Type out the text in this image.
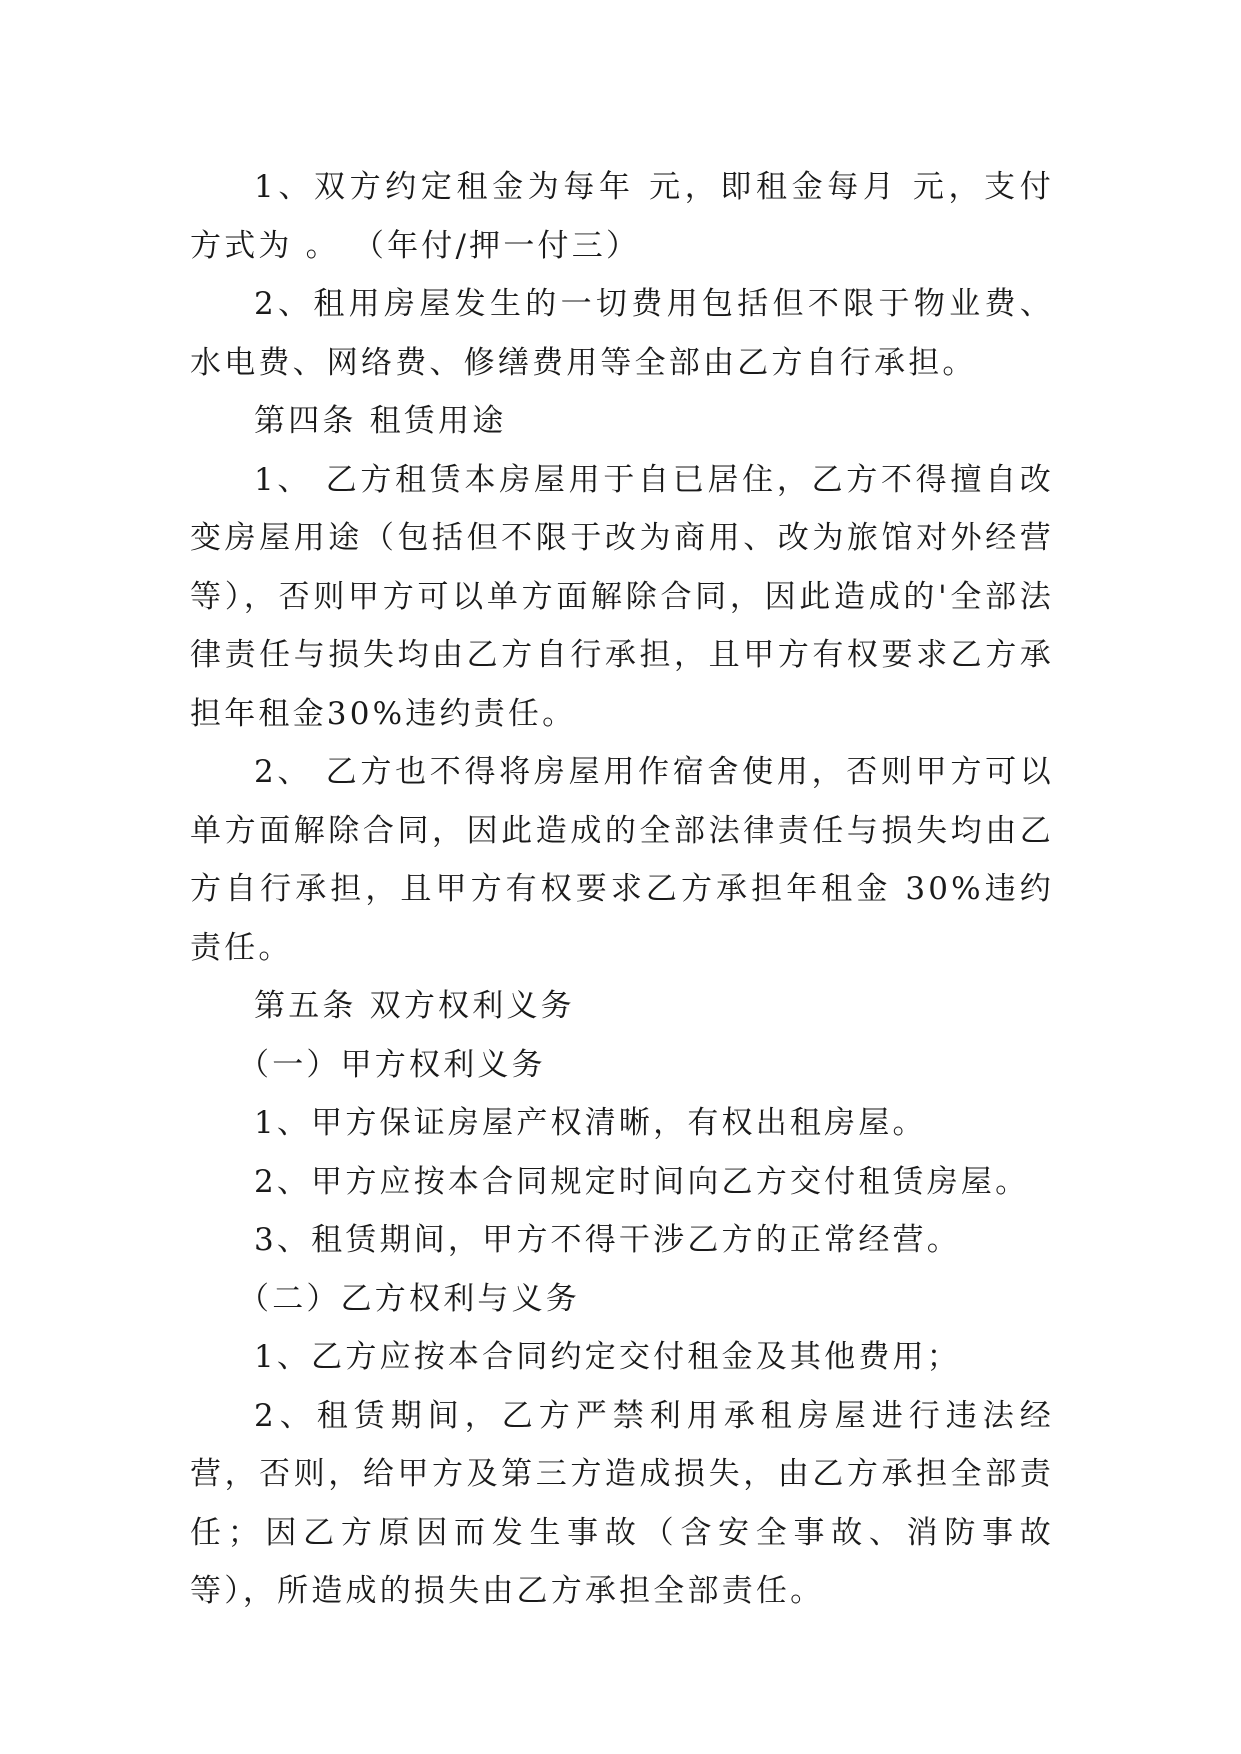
1、双方约定租金为每年 元，即租金每月 元，支付方式为 。 （年付/押一付三）

2、租用房屋发生的一切费用包括但不限于物业费、水电费、网络费、修缮费用等全部由乙方自行承担。

第四条 租赁用途

1、 乙方租赁本房屋用于自已居住，乙方不得擅自改变房屋用途（包括但不限于改为商用、改为旅馆对外经营等），否则甲方可以单方面解除合同，因此造成的'全部法律责任与损失均由乙方自行承担，且甲方有权要求乙方承担年租金30%违约责任。

2、 乙方也不得将房屋用作宿舍使用，否则甲方可以单方面解除合同，因此造成的全部法律责任与损失均由乙方自行承担，且甲方有权要求乙方承担年租金 30%违约责任。

第五条 双方权利义务

（一）甲方权利义务

1、甲方保证房屋产权清晰，有权出租房屋。

2、甲方应按本合同规定时间向乙方交付租赁房屋。

3、租赁期间，甲方不得干涉乙方的正常经营。

（二）乙方权利与义务

1、乙方应按本合同约定交付租金及其他费用；

2、租赁期间，乙方严禁利用承租房屋进行违法经营，否则，给甲方及第三方造成损失，由乙方承担全部责任；因乙方原因而发生事故（含安全事故、消防事故等），所造成的损失由乙方承担全部责任。
